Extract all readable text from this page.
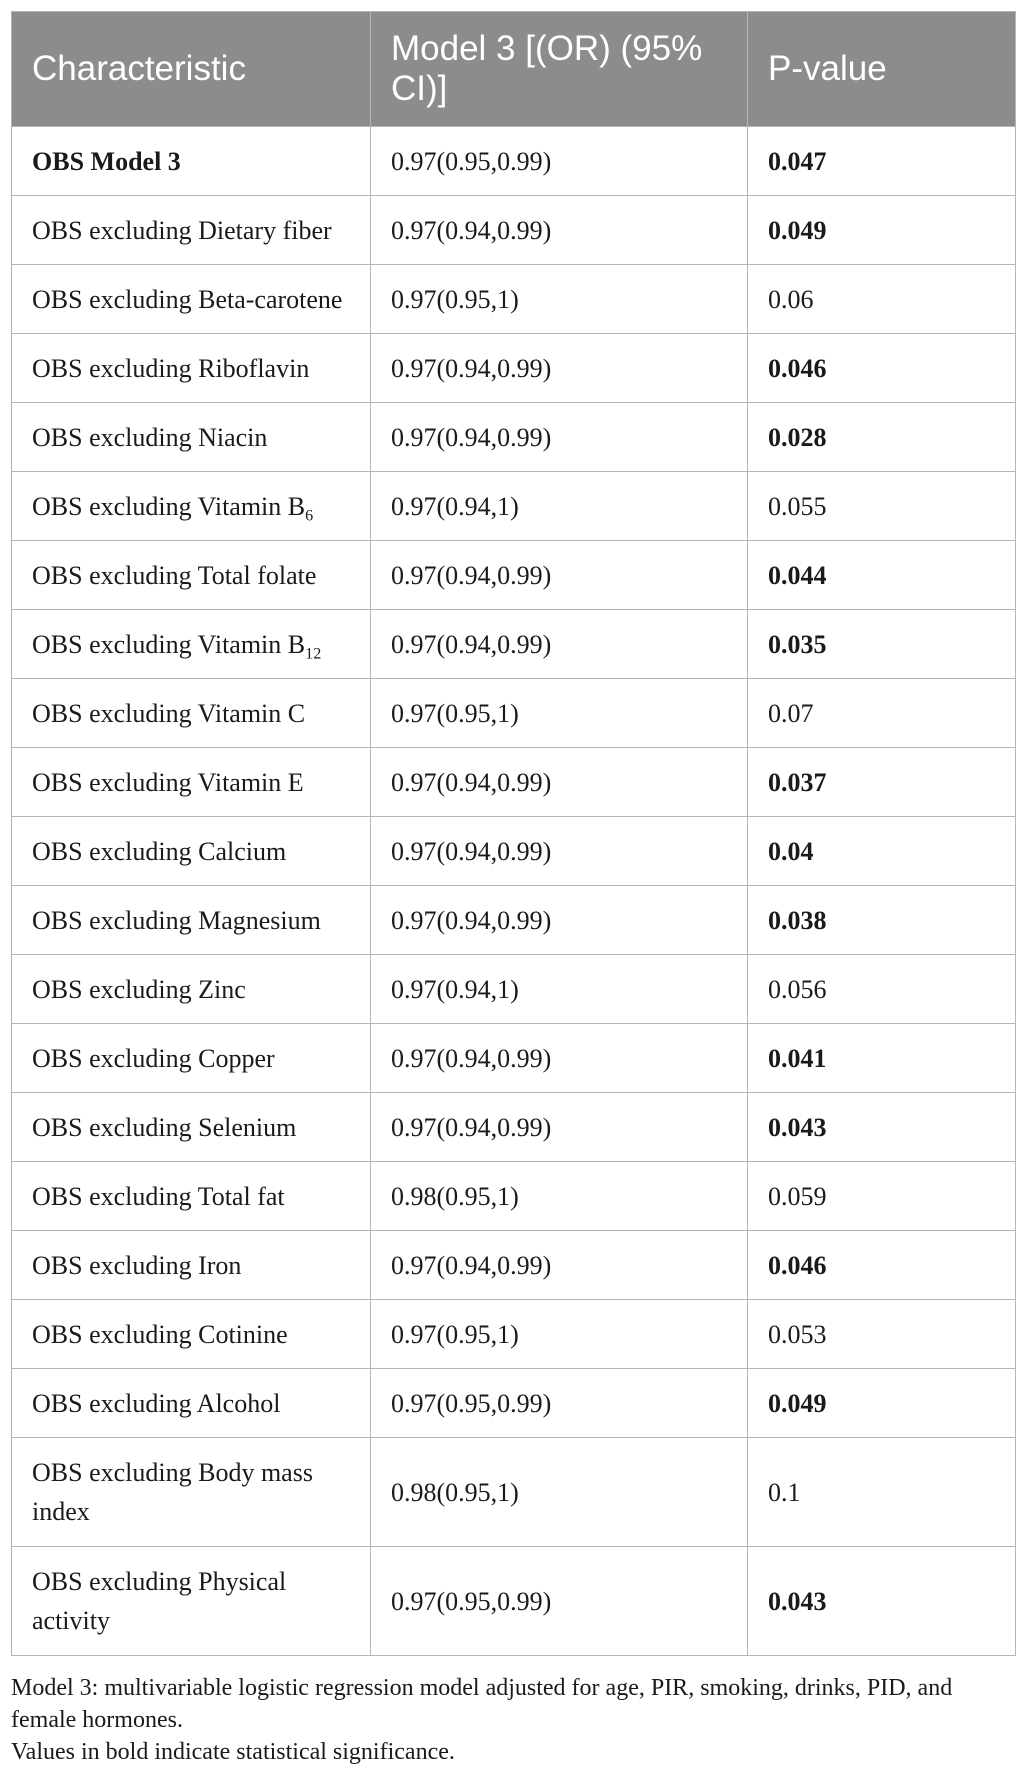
Characteristic	Model 3 [(OR) (95% CI)]	P-value
OBS Model 3	0.97(0.95,0.99)	0.047
OBS excluding Dietary fiber	0.97(0.94,0.99)	0.049
OBS excluding Beta-carotene	0.97(0.95,1)	0.06
OBS excluding Riboflavin	0.97(0.94,0.99)	0.046
OBS excluding Niacin	0.97(0.94,0.99)	0.028
OBS excluding Vitamin $B_6$	0.97(0.94,1)	0.055
OBS excluding Total folate	0.97(0.94,0.99)	0.044
OBS excluding Vitamin $B_{12}$	0.97(0.94,0.99)	0.035
OBS excluding Vitamin C	0.97(0.95,1)	0.07
OBS excluding Vitamin E	0.97(0.94,0.99)	0.037
OBS excluding Calcium	0.97(0.94,0.99)	0.04
OBS excluding Magnesium	0.97(0.94,0.99)	0.038
OBS excluding Zinc	0.97(0.94,1)	0.056
OBS excluding Copper	0.97(0.94,0.99)	0.041
OBS excluding Selenium	0.97(0.94,0.99)	0.043
OBS excluding Total fat	0.98(0.95,1)	0.059
OBS excluding Iron	0.97(0.94,0.99)	0.046
OBS excluding Cotinine	0.97(0.95,1)	0.053
OBS excluding Alcohol	0.97(0.95,0.99)	0.049
OBS excluding Body mass index	0.98(0.95,1)	0.1
OBS excluding Physical activity	0.97(0.95,0.99)	0.043

Model 3: multivariable logistic regression model adjusted for age, PIR, smoking, drinks, PID, and female hormones.

Values in bold indicate statistical significance.
